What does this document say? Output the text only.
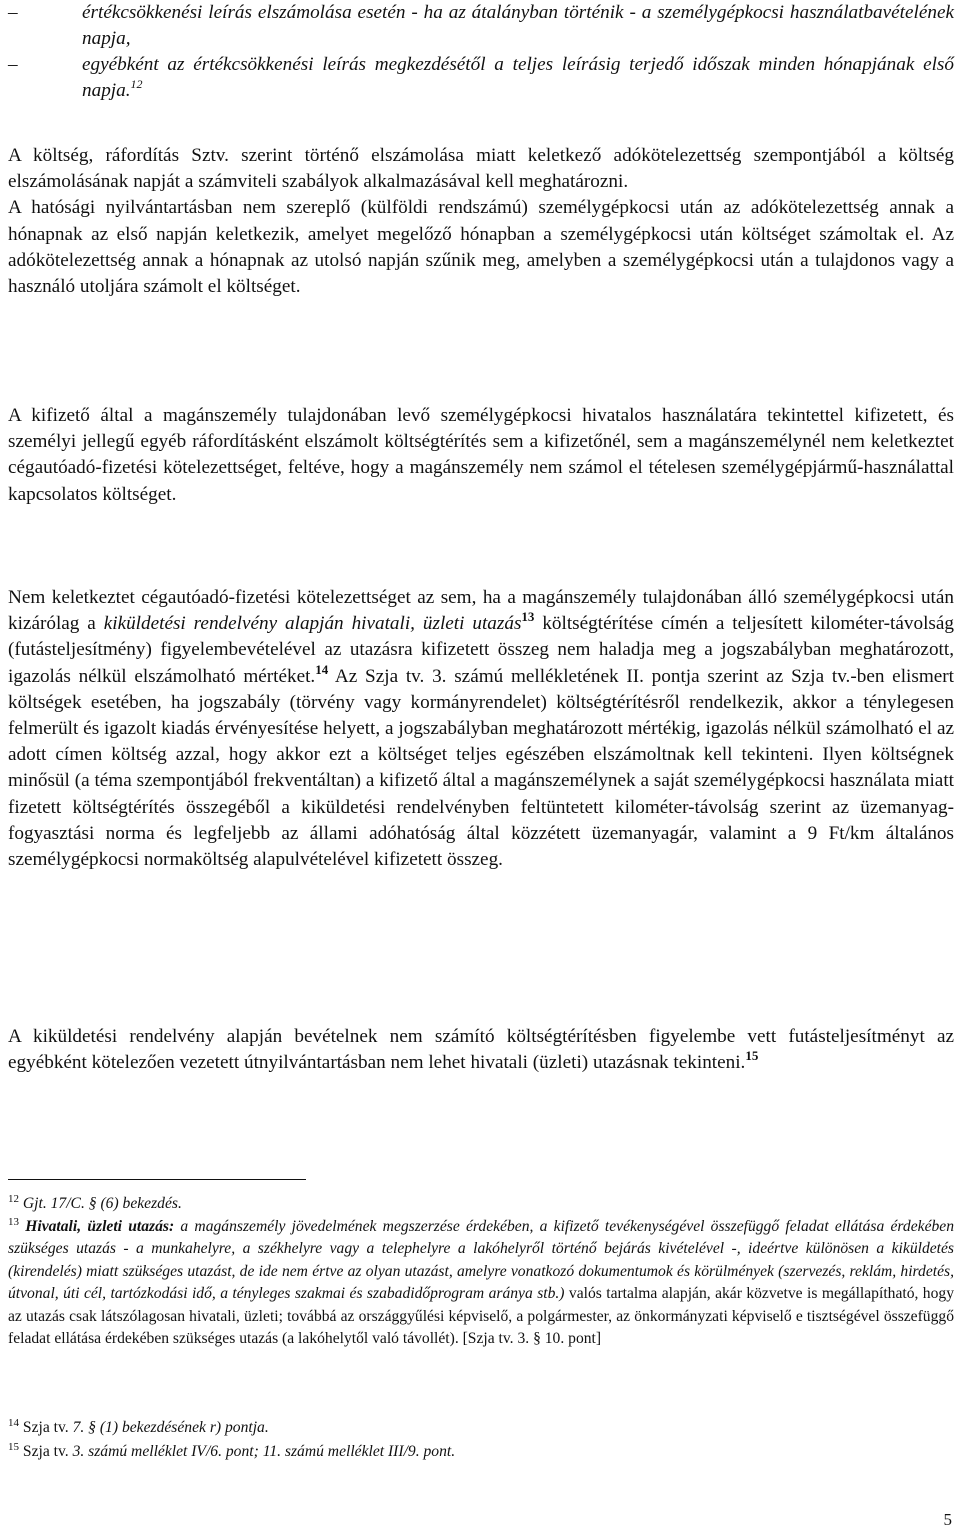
–	értékcsökkenési leírás elszámolása esetén - ha az átalányban történik - a személygépkocsi használatbavételének napja,
–	egyébként az értékcsökkenési leírás megkezdésétől a teljes leírásig terjedő időszak minden hónapjának első napja.$^{12}$

A költség, ráfordítás Sztv. szerint történő elszámolása miatt keletkező adókötelezettség szempontjából a költség elszámolásának napját a számviteli szabályok alkalmazásával kell meghatározni.

A hatósági nyilvántartásban nem szereplő (külföldi rendszámú) személygépkocsi után az adókötelezettség annak a hónapnak az első napján keletkezik, amelyet megelőző hónapban a személygépkocsi után költséget számoltak el. Az adókötelezettség annak a hónapnak az utolsó napján szűnik meg, amelyben a személygépkocsi után a tulajdonos vagy a használó utoljára számolt el költséget.

A kifizető által a magánszemély tulajdonában levő személygépkocsi hivatalos használatára tekintettel kifizetett, és személyi jellegű egyéb ráfordításként elszámolt költségtérítés sem a kifizetőnél, sem a magánszemélynél nem keletkeztet cégautóadó-fizetési kötelezettséget, feltéve, hogy a magánszemély nem számol el tételesen személygépjármű-használattal kapcsolatos költséget.

Nem keletkeztet cégautóadó-fizetési kötelezettséget az sem, ha a magánszemély tulajdonában álló személygépkocsi után kizárólag a kiküldetési rendelvény alapján hivatali, üzleti utazás$^{13}$ költségtérítése címén a teljesített kilométer-távolság (futásteljesítmény) figyelembevételével az utazásra kifizetett összeg nem haladja meg a jogszabályban meghatározott, igazolás nélkül elszámolható mértéket.$^{14}$ Az Szja tv. 3. számú mellékletének II. pontja szerint az Szja tv.-ben elismert költségek esetében, ha jogszabály (törvény vagy kormányrendelet) költségtérítésről rendelkezik, akkor a ténylegesen felmerült és igazolt kiadás érvényesítése helyett, a jogszabályban meghatározott mértékig, igazolás nélkül számolható el az adott címen költség azzal, hogy akkor ezt a költséget teljes egészében elszámoltnak kell tekinteni. Ilyen költségnek minősül (a téma szempontjából frekventáltan) a kifizető által a magánszemélynek a saját személygépkocsi használata miatt fizetett költségtérítés összegéből a kiküldetési rendelvényben feltüntetett kilométer-távolság szerint az üzemanyag-fogyasztási norma és legfeljebb az állami adóhatóság által közzétett üzemanyagár, valamint a 9 Ft/km általános személygépkocsi normaköltség alapulvételével kifizetett összeg.

A kiküldetési rendelvény alapján bevételnek nem számító költségtérítésben figyelembe vett futásteljesítményt az egyébként kötelezően vezetett útnyilvántartásban nem lehet hivatali (üzleti) utazásnak tekinteni.$^{15}$

$^{12}$ Gjt. 17/C. § (6) bekezdés.
$^{13}$ Hivatali, üzleti utazás: a magánszemély jövedelmének megszerzése érdekében, a kifizető tevékenységével összefüggő feladat ellátása érdekében szükséges utazás - a munkahelyre, a székhelyre vagy a telephelyre a lakóhelyről történő bejárás kivételével -, ideértve különösen a kiküldetés (kirendelés) miatt szükséges utazást, de ide nem értve az olyan utazást, amelyre vonatkozó dokumentumok és körülmények (szervezés, reklám, hirdetés, útvonal, úti cél, tartózkodási idő, a tényleges szakmai és szabadidőprogram aránya stb.) valós tartalma alapján, akár közvetve is megállapítható, hogy az utazás csak látszólagosan hivatali, üzleti; továbbá az országgyűlési képviselő, a polgármester, az önkormányzati képviselő e tisztségével összefüggő feladat ellátása érdekében szükséges utazás (a lakóhelytől való távollét). [Szja tv. 3. § 10. pont]
$^{14}$ Szja tv. 7. § (1) bekezdésének r) pontja.
$^{15}$ Szja tv. 3. számú melléklet IV/6. pont; 11. számú melléklet III/9. pont.
5
